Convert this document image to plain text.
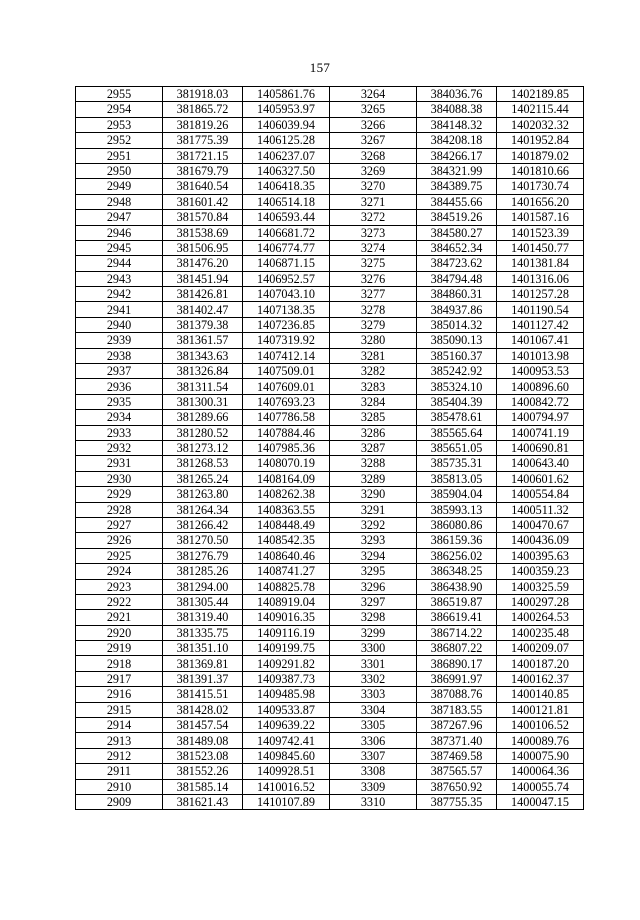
157
2955	381918.03	1405861.76	3264	384036.76	1402189.85
2954	381865.72	1405953.97	3265	384088.38	1402115.44
2953	381819.26	1406039.94	3266	384148.32	1402032.32
2952	381775.39	1406125.28	3267	384208.18	1401952.84
2951	381721.15	1406237.07	3268	384266.17	1401879.02
2950	381679.79	1406327.50	3269	384321.99	1401810.66
2949	381640.54	1406418.35	3270	384389.75	1401730.74
2948	381601.42	1406514.18	3271	384455.66	1401656.20
2947	381570.84	1406593.44	3272	384519.26	1401587.16
2946	381538.69	1406681.72	3273	384580.27	1401523.39
2945	381506.95	1406774.77	3274	384652.34	1401450.77
2944	381476.20	1406871.15	3275	384723.62	1401381.84
2943	381451.94	1406952.57	3276	384794.48	1401316.06
2942	381426.81	1407043.10	3277	384860.31	1401257.28
2941	381402.47	1407138.35	3278	384937.86	1401190.54
2940	381379.38	1407236.85	3279	385014.32	1401127.42
2939	381361.57	1407319.92	3280	385090.13	1401067.41
2938	381343.63	1407412.14	3281	385160.37	1401013.98
2937	381326.84	1407509.01	3282	385242.92	1400953.53
2936	381311.54	1407609.01	3283	385324.10	1400896.60
2935	381300.31	1407693.23	3284	385404.39	1400842.72
2934	381289.66	1407786.58	3285	385478.61	1400794.97
2933	381280.52	1407884.46	3286	385565.64	1400741.19
2932	381273.12	1407985.36	3287	385651.05	1400690.81
2931	381268.53	1408070.19	3288	385735.31	1400643.40
2930	381265.24	1408164.09	3289	385813.05	1400601.62
2929	381263.80	1408262.38	3290	385904.04	1400554.84
2928	381264.34	1408363.55	3291	385993.13	1400511.32
2927	381266.42	1408448.49	3292	386080.86	1400470.67
2926	381270.50	1408542.35	3293	386159.36	1400436.09
2925	381276.79	1408640.46	3294	386256.02	1400395.63
2924	381285.26	1408741.27	3295	386348.25	1400359.23
2923	381294.00	1408825.78	3296	386438.90	1400325.59
2922	381305.44	1408919.04	3297	386519.87	1400297.28
2921	381319.40	1409016.35	3298	386619.41	1400264.53
2920	381335.75	1409116.19	3299	386714.22	1400235.48
2919	381351.10	1409199.75	3300	386807.22	1400209.07
2918	381369.81	1409291.82	3301	386890.17	1400187.20
2917	381391.37	1409387.73	3302	386991.97	1400162.37
2916	381415.51	1409485.98	3303	387088.76	1400140.85
2915	381428.02	1409533.87	3304	387183.55	1400121.81
2914	381457.54	1409639.22	3305	387267.96	1400106.52
2913	381489.08	1409742.41	3306	387371.40	1400089.76
2912	381523.08	1409845.60	3307	387469.58	1400075.90
2911	381552.26	1409928.51	3308	387565.57	1400064.36
2910	381585.14	1410016.52	3309	387650.92	1400055.74
2909	381621.43	1410107.89	3310	387755.35	1400047.15
